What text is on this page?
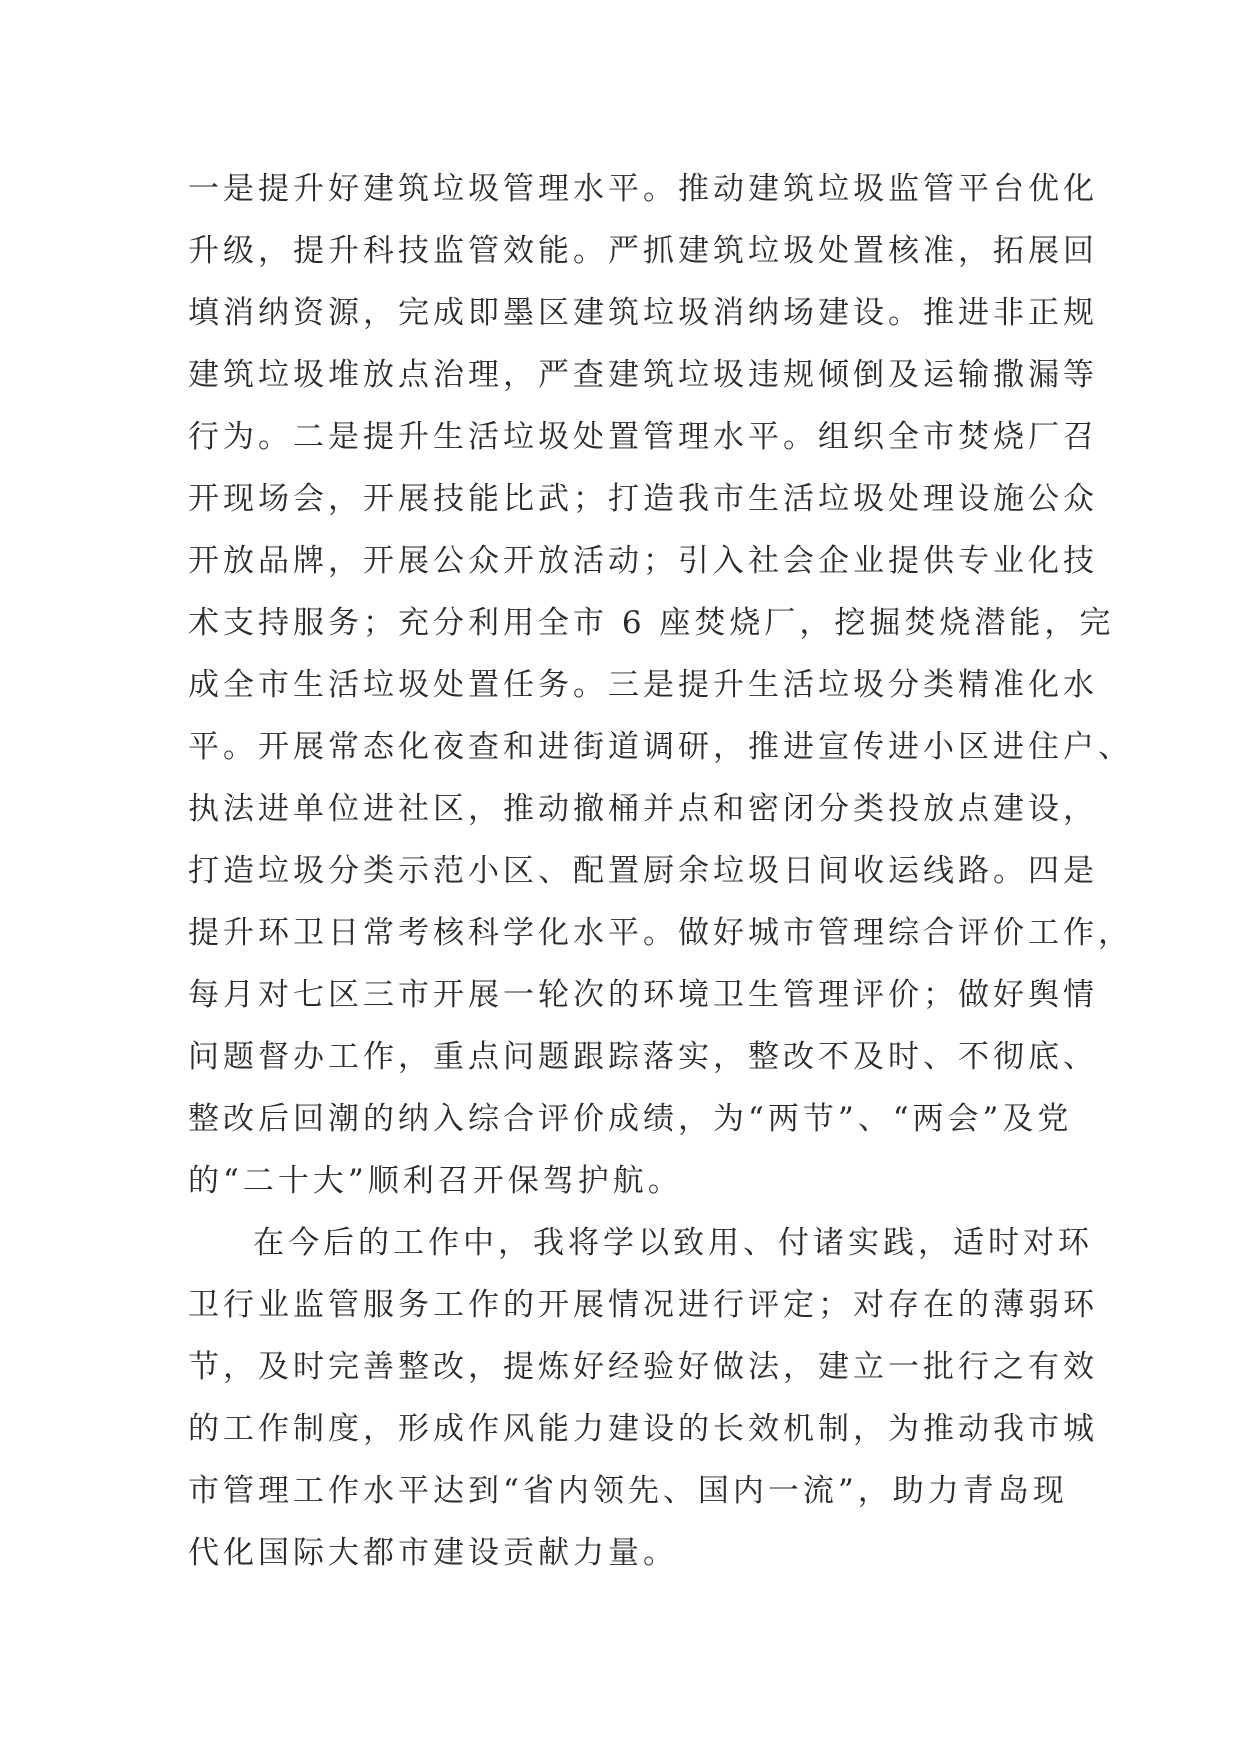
一是提升好建筑垃圾管理水平。推动建筑垃圾监管平台优化
升级，提升科技监管效能。严抓建筑垃圾处置核准，拓展回
填消纳资源，完成即墨区建筑垃圾消纳场建设。推进非正规
建筑垃圾堆放点治理，严查建筑垃圾违规倾倒及运输撒漏等
行为。二是提升生活垃圾处置管理水平。组织全市焚烧厂召
开现场会，开展技能比武；打造我市生活垃圾处理设施公众
开放品牌，开展公众开放活动；引入社会企业提供专业化技
术支持服务；充分利用全市 6 座焚烧厂，挖掘焚烧潜能，完
成全市生活垃圾处置任务。三是提升生活垃圾分类精准化水
平。开展常态化夜查和进街道调研，推进宣传进小区进住户、
执法进单位进社区，推动撤桶并点和密闭分类投放点建设，
打造垃圾分类示范小区、配置厨余垃圾日间收运线路。四是
提升环卫日常考核科学化水平。做好城市管理综合评价工作，
每月对七区三市开展一轮次的环境卫生管理评价；做好舆情
问题督办工作，重点问题跟踪落实，整改不及时、不彻底、
整改后回潮的纳入综合评价成绩，为“两节”、“两会”及党
的“二十大”顺利召开保驾护航。
在今后的工作中，我将学以致用、付诸实践，适时对环
卫行业监管服务工作的开展情况进行评定；对存在的薄弱环
节，及时完善整改，提炼好经验好做法，建立一批行之有效
的工作制度，形成作风能力建设的长效机制，为推动我市城
市管理工作水平达到“省内领先、国内一流”，助力青岛现
代化国际大都市建设贡献力量。
